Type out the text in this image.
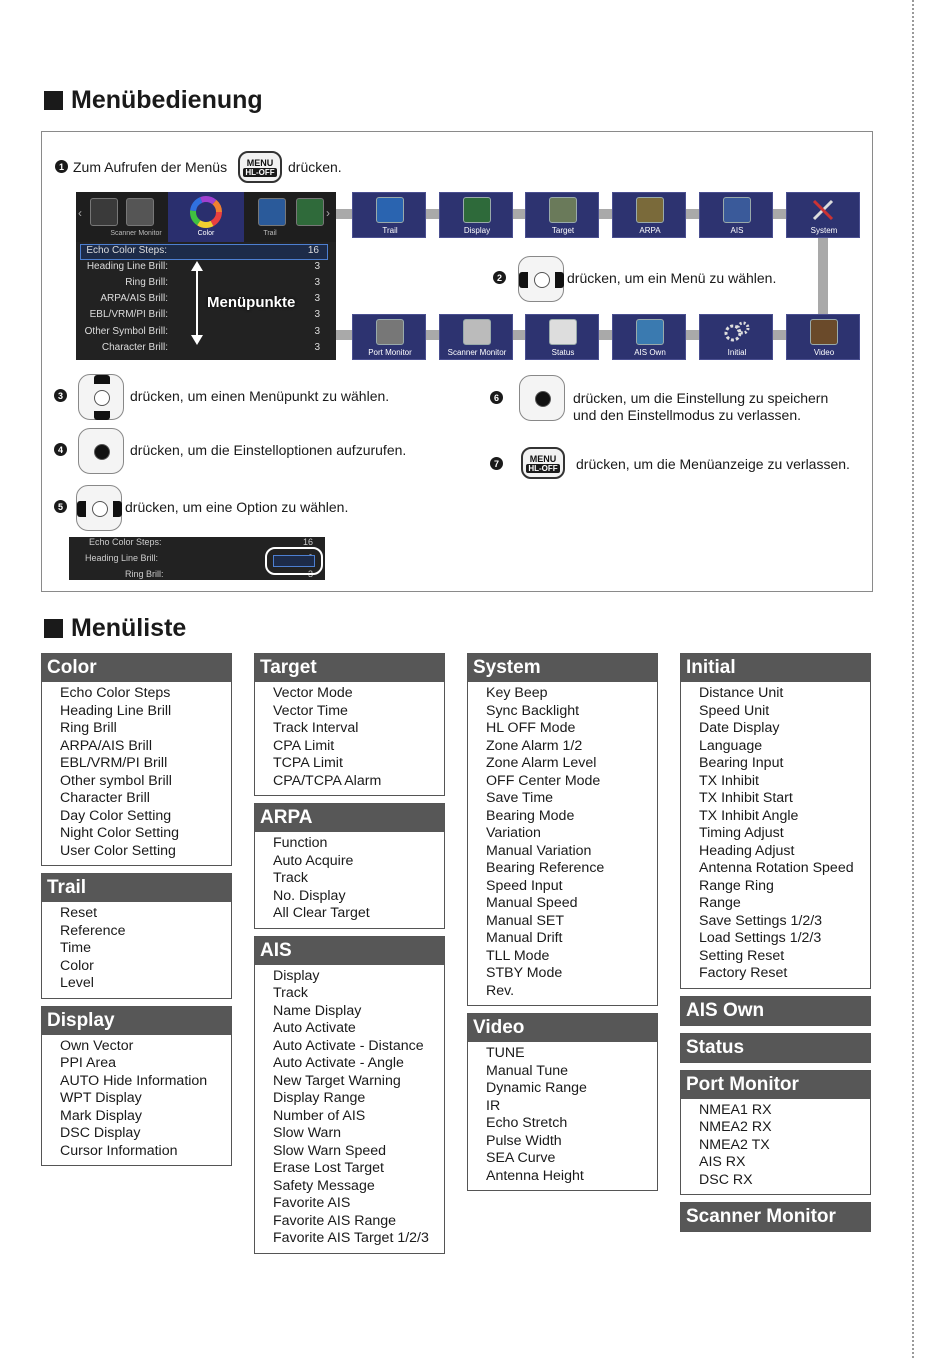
Menübedienung
1 Zum Aufrufen der Menüs MENU
HL-OFF drücken.
‹
Scanner Monitor	Color	Trail
›
Echo Color Steps:	16
Heading Line Brill:	3
Ring Brill:	3
ARPA/AIS Brill:	3
EBL/VRM/PI Brill:	3
Other Symbol Brill:	3
Character Brill:	3
Menüpunkte
Trail	Display	Target	ARPA	AIS	System
2	drücken, um ein Menü zu wählen.
Port Monitor	Scanner Monitor	Status	AIS Own	Initial	Video
3	drücken, um einen Menüpunkt zu wählen.
4	drücken, um die Einstelloptionen aufzurufen.
5	drücken, um eine Option zu wählen.
Echo Color Steps:	16
Heading Line Brill:
Ring Brill:	3
6	drücken, um die Einstellung zu speichern
und den Einstellmodus zu verlassen.
7	MENU
HL-OFF drücken, um die Menüanzeige zu verlassen.
Menüliste
Color
Echo Color Steps
Heading Line Brill
Ring Brill
ARPA/AIS Brill
EBL/VRM/PI Brill
Other symbol Brill
Character Brill
Day Color Setting
Night Color Setting
User Color Setting
Trail
Reset
Reference
Time
Color
Level
Display
Own Vector
PPI Area
AUTO Hide Information
WPT Display
Mark Display
DSC Display
Cursor Information
Target
Vector Mode
Vector Time
Track Interval
CPA Limit
TCPA Limit
CPA/TCPA Alarm
ARPA
Function
Auto Acquire
Track
No. Display
All Clear Target
AIS
Display
Track
Name Display
Auto Activate
Auto Activate - Distance
Auto Activate - Angle
New Target Warning
Display Range
Number of AIS
Slow Warn
Slow Warn Speed
Erase Lost Target
Safety Message
Favorite AIS
Favorite AIS Range
Favorite AIS Target 1/2/3
System
Key Beep
Sync Backlight
HL OFF Mode
Zone Alarm 1/2
Zone Alarm Level
OFF Center Mode
Save Time
Bearing Mode
Variation
Manual Variation
Bearing Reference
Speed Input
Manual Speed
Manual SET
Manual Drift
TLL Mode
STBY Mode
Rev.
Video
TUNE
Manual Tune
Dynamic Range
IR
Echo Stretch
Pulse Width
SEA Curve
Antenna Height
Initial
Distance Unit
Speed Unit
Date Display
Language
Bearing Input
TX Inhibit
TX Inhibit Start
TX Inhibit Angle
Timing Adjust
Heading Adjust
Antenna Rotation Speed
Range Ring
Range
Save Settings 1/2/3
Load Settings 1/2/3
Setting Reset
Factory Reset
AIS Own
Status
Port Monitor
NMEA1 RX
NMEA2 RX
NMEA2 TX
AIS RX
DSC RX
Scanner Monitor
